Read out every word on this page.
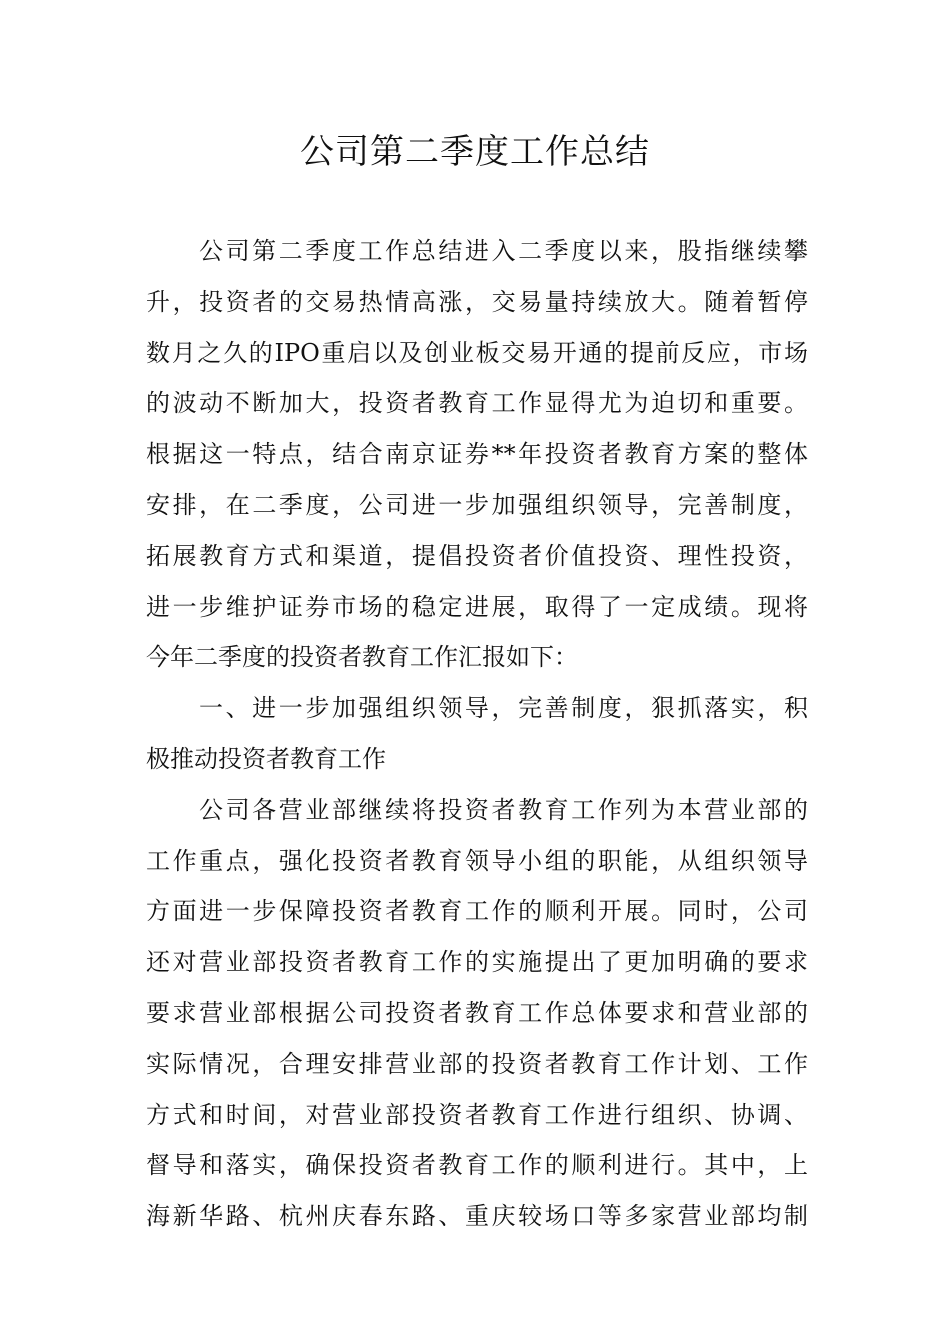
公司第二季度工作总结
公司第二季度工作总结进入二季度以来，股指继续攀
升，投资者的交易热情高涨，交易量持续放大。随着暂停
数月之久的IPO重启以及创业板交易开通的提前反应，市场
的波动不断加大，投资者教育工作显得尤为迫切和重要。
根据这一特点，结合南京证券**年投资者教育方案的整体
安排，在二季度，公司进一步加强组织领导，完善制度，
拓展教育方式和渠道，提倡投资者价值投资、理性投资，
进一步维护证券市场的稳定进展，取得了一定成绩。现将
今年二季度的投资者教育工作汇报如下：
一、进一步加强组织领导，完善制度，狠抓落实，积
极推动投资者教育工作
公司各营业部继续将投资者教育工作列为本营业部的
工作重点，强化投资者教育领导小组的职能，从组织领导
方面进一步保障投资者教育工作的顺利开展。同时，公司
还对营业部投资者教育工作的实施提出了更加明确的要求
要求营业部根据公司投资者教育工作总体要求和营业部的
实际情况，合理安排营业部的投资者教育工作计划、工作
方式和时间，对营业部投资者教育工作进行组织、协调、
督导和落实，确保投资者教育工作的顺利进行。其中，上
海新华路、杭州庆春东路、重庆较场口等多家营业部均制
